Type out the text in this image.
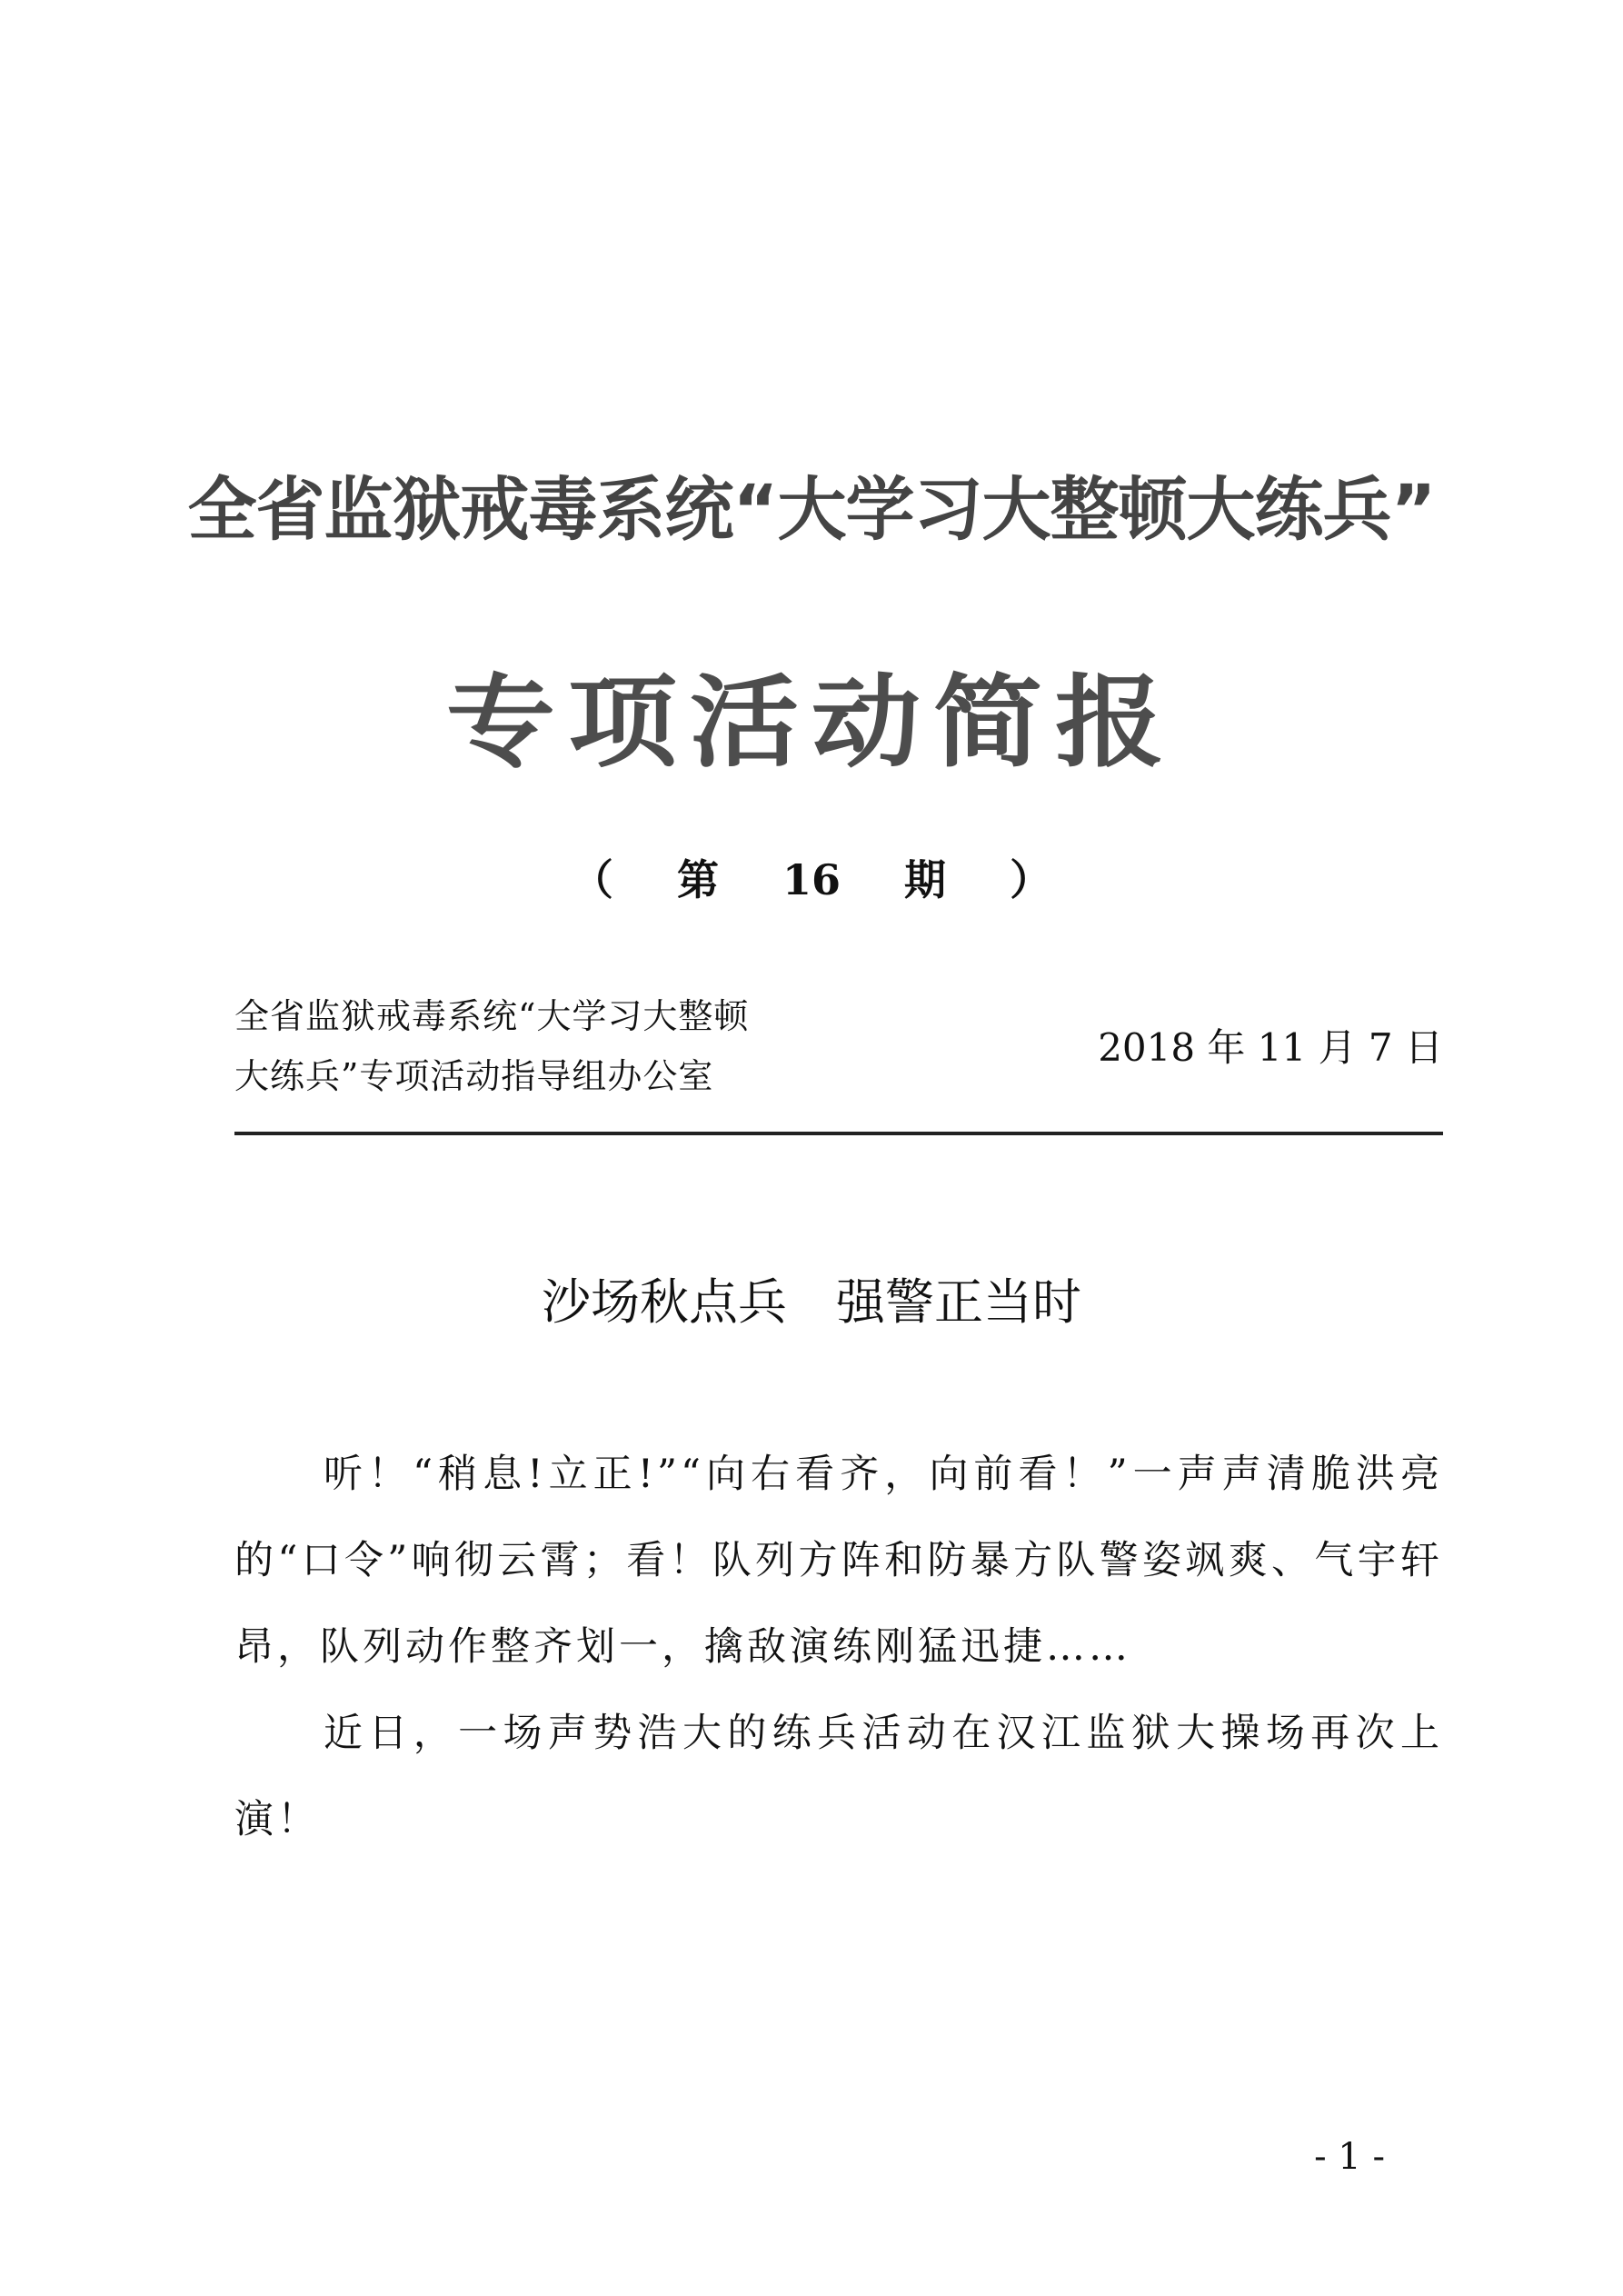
全省监狱戒毒系统“大学习大整顿大练兵”
专项活动简报
（ 第 16 期 ）
全省监狱戒毒系统“大学习大整顿
大练兵”专项活动指导组办公室
2018 年 11 月 7 日
沙场秋点兵 强警正当时

听！“稍息!立正!”“向右看齐，向前看！”一声声清脆洪亮的“口令”响彻云霄；看！队列方阵和防暴方队警姿飒爽、气宇轩昂，队列动作整齐划一，擒敌演练刚猛迅捷……

近日，一场声势浩大的练兵活动在汉江监狱大操场再次上演！

- 1 -
